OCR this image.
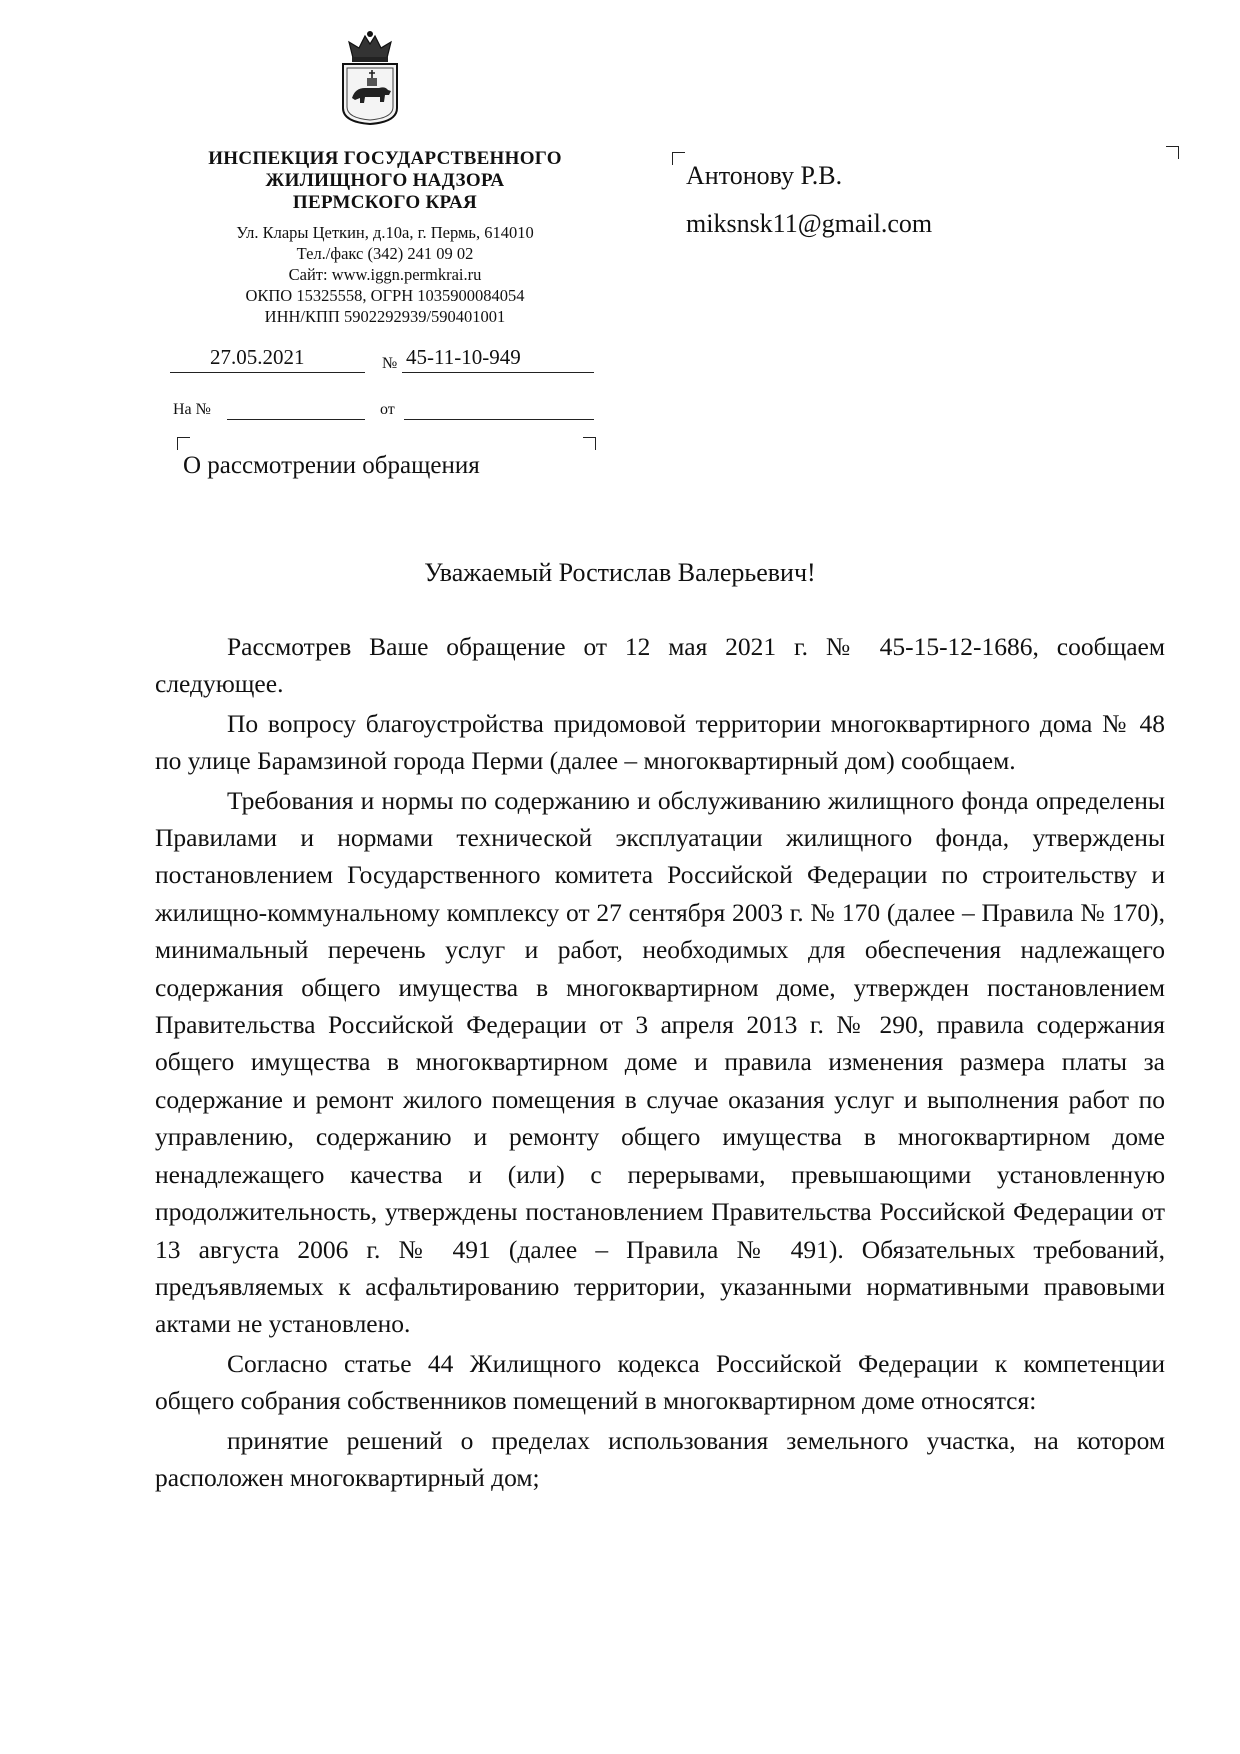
ИНСПЕКЦИЯ ГОСУДАРСТВЕННОГО
ЖИЛИЩНОГО НАДЗОРА
ПЕРМСКОГО КРАЯ
Ул. Клары Цеткин, д.10а, г. Пермь, 614010
Тел./факс (342) 241 09 02
Сайт: www.iggn.permkrai.ru
ОКПО 15325558, ОГРН 1035900084054
ИНН/КПП 5902292939/590401001
27.05.2021	№ 45-11-10-949
На №	от
Антонову Р.В.
miksnsk11@gmail.com
О рассмотрении обращения
Уважаемый Ростислав Валерьевич!

Рассмотрев Ваше обращение от 12 мая 2021 г. № 45-15-12-1686, сообщаем следующее.

По вопросу благоустройства придомовой территории многоквартирного дома № 48 по улице Барамзиной города Перми (далее – многоквартирный дом) сообщаем.

Требования и нормы по содержанию и обслуживанию жилищного фонда определены Правилами и нормами технической эксплуатации жилищного фонда, утверждены постановлением Государственного комитета Российской Федерации по строительству и жилищно-коммунальному комплексу от 27 сентября 2003 г. № 170 (далее – Правила № 170), минимальный перечень услуг и работ, необходимых для обеспечения надлежащего содержания общего имущества в многоквартирном доме, утвержден постановлением Правительства Российской Федерации от 3 апреля 2013 г. № 290, правила содержания общего имущества в многоквартирном доме и правила изменения размера платы за содержание и ремонт жилого помещения в случае оказания услуг и выполнения работ по управлению, содержанию и ремонту общего имущества в многоквартирном доме ненадлежащего качества и (или) с перерывами, превышающими установленную продолжительность, утверждены постановлением Правительства Российской Федерации от 13 августа 2006 г. № 491 (далее – Правила № 491). Обязательных требований, предъявляемых к асфальтированию территории, указанными нормативными правовыми актами не установлено.

Согласно статье 44 Жилищного кодекса Российской Федерации к компетенции общего собрания собственников помещений в многоквартирном доме относятся:

принятие решений о пределах использования земельного участка, на котором расположен многоквартирный дом;
